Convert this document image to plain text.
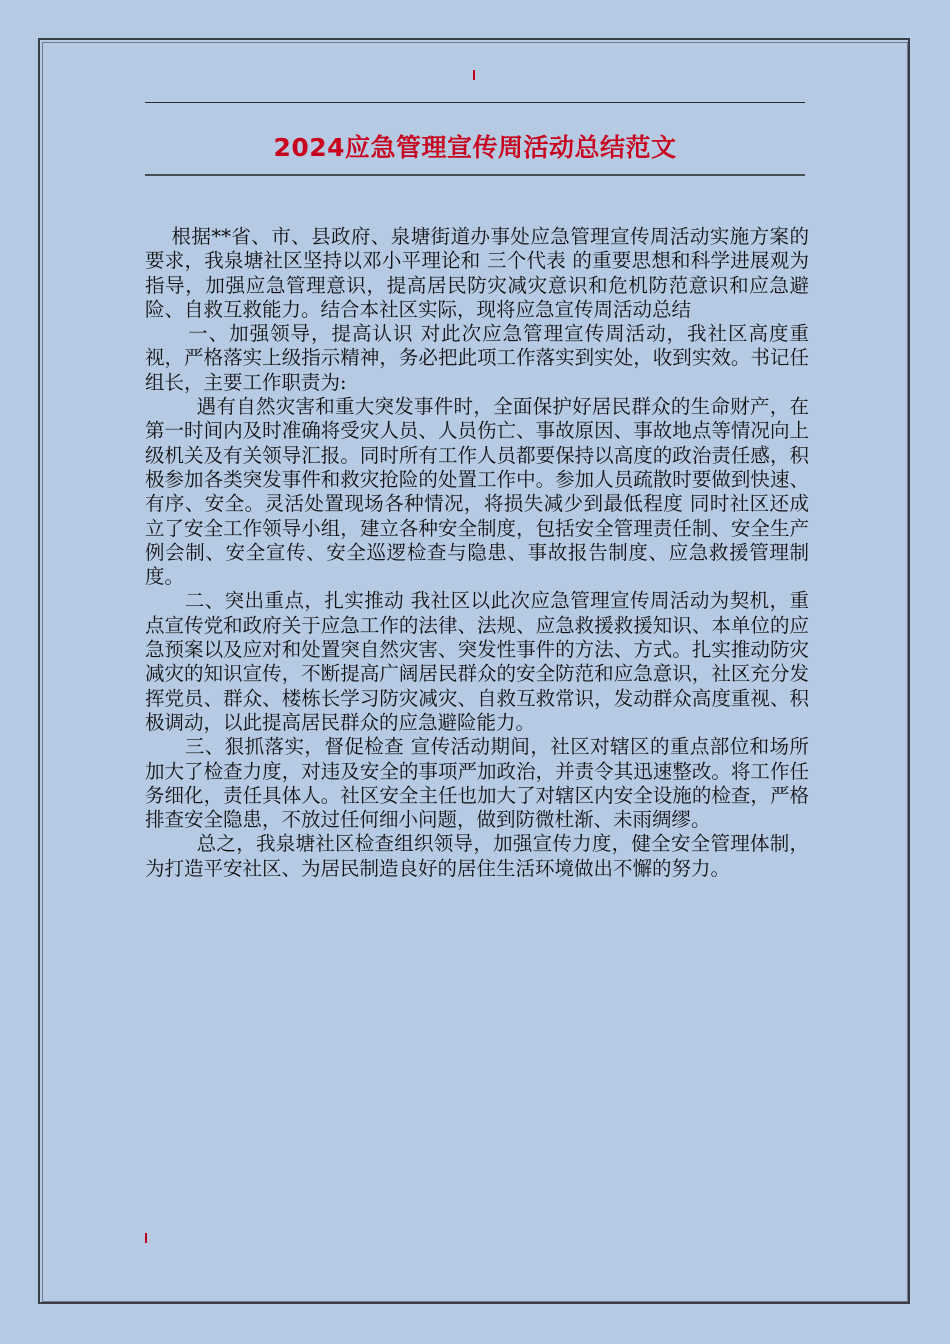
2024应急管理宣传周活动总结范文

根据**省、市、县政府、泉塘街道办事处应急管理宣传周活动实施方案的要求，我泉塘社区坚持以邓小平理论和 三个代表 的重要思想和科学进展观为指导，加强应急管理意识，提高居民防灾减灾意识和危机防范意识和应急避险、自救互救能力。结合本社区实际，现将应急宣传周活动总结

一、加强领导，提高认识 对此次应急管理宣传周活动，我社区高度重视，严格落实上级指示精神，务必把此项工作落实到实处，收到实效。书记任组长，主要工作职责为:

遇有自然灾害和重大突发事件时，全面保护好居民群众的生命财产，在第一时间内及时准确将受灾人员、人员伤亡、事故原因、事故地点等情况向上级机关及有关领导汇报。同时所有工作人员都要保持以高度的政治责任感，积极参加各类突发事件和救灾抢险的处置工作中。参加人员疏散时要做到快速、有序、安全。灵活处置现场各种情况，将损失减少到最低程度 同时社区还成立了安全工作领导小组，建立各种安全制度，包括安全管理责任制、安全生产例会制、安全宣传、安全巡逻检查与隐患、事故报告制度、应急救援管理制度。

二、突出重点，扎实推动 我社区以此次应急管理宣传周活动为契机，重点宣传党和政府关于应急工作的法律、法规、应急救援救援知识、本单位的应急预案以及应对和处置突自然灾害、突发性事件的方法、方式。扎实推动防灾减灾的知识宣传，不断提高广阔居民群众的安全防范和应急意识，社区充分发挥党员、群众、楼栋长学习防灾减灾、自救互救常识，发动群众高度重视、积极调动，以此提高居民群众的应急避险能力。

三、狠抓落实，督促检查 宣传活动期间，社区对辖区的重点部位和场所加大了检查力度，对违及安全的事项严加政治，并责令其迅速整改。将工作任务细化，责任具体人。社区安全主任也加大了对辖区内安全设施的检查，严格排查安全隐患，不放过任何细小问题，做到防微杜渐、未雨绸缪。

总之，我泉塘社区检查组织领导，加强宣传力度，健全安全管理体制，为打造平安社区、为居民制造良好的居住生活环境做出不懈的努力。
